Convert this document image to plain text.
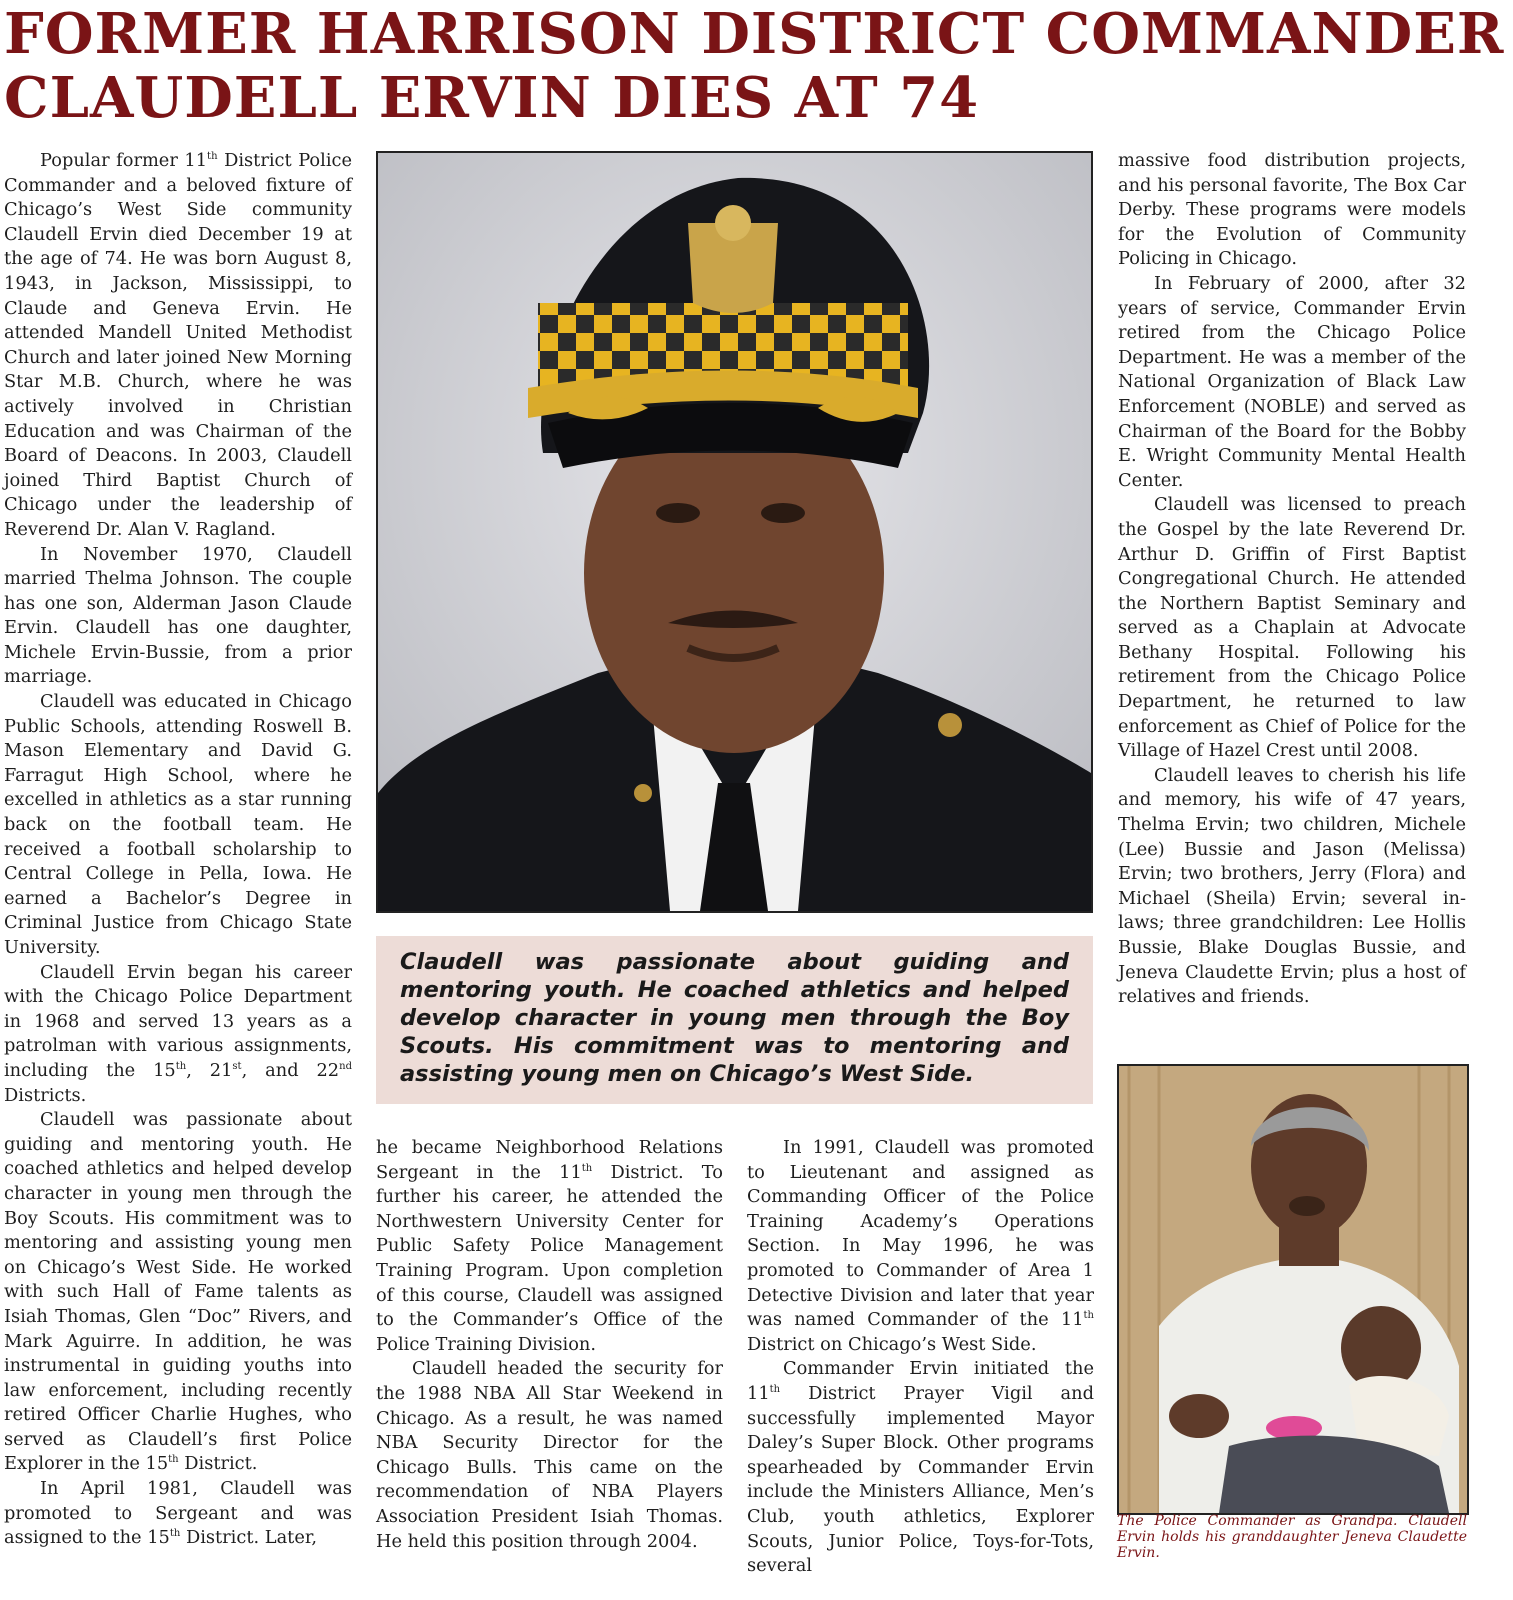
FORMER HARRISON DISTRICT COMMANDER
CLAUDELL ERVIN DIES AT 74

Popular former 11th District Police Commander and a beloved fixture of Chicago’s West Side community Claudell Ervin died December 19 at the age of 74. He was born August 8, 1943, in Jackson, Mississippi, to Claude and Geneva Ervin. He attended Mandell United Methodist Church and later joined New Morning Star M.B. Church, where he was actively involved in Christian Education and was Chairman of the Board of Deacons. In 2003, Claudell joined Third Baptist Church of Chicago under the leadership of Reverend Dr. Alan V. Ragland.

In November 1970, Claudell married Thelma Johnson. The couple has one son, Alderman Jason Claude Ervin. Claudell has one daughter, Michele Ervin-Bussie, from a prior marriage.

Claudell was educated in Chicago Public Schools, attending Roswell B. Mason Elementary and David G. Farragut High School, where he excelled in athletics as a star running back on the football team. He received a football scholarship to Central College in Pella, Iowa. He earned a Bachelor’s Degree in Criminal Justice from Chicago State University.

Claudell Ervin began his career with the Chicago Police Department in 1968 and served 13 years as a patrolman with various assignments, including the 15th, 21st, and 22nd Districts.

Claudell was passionate about guiding and mentoring youth. He coached athletics and helped develop character in young men through the Boy Scouts. His commitment was to mentoring and assisting young men on Chicago’s West Side. He worked with such Hall of Fame talents as Isiah Thomas, Glen “Doc” Rivers, and Mark Aguirre. In addition, he was instrumental in guiding youths into law enforcement, including recently retired Officer Charlie Hughes, who served as Claudell’s first Police Explorer in the 15th District.

In April 1981, Claudell was promoted to Sergeant and was assigned to the 15th District. Later,

Claudell was passionate about guiding and mentoring youth. He coached athletics and helped develop character in young men through the Boy Scouts. His commitment was to mentoring and assisting young men on Chicago’s West Side.

he became Neighborhood Relations Sergeant in the 11th District. To further his career, he attended the Northwestern University Center for Public Safety Police Management Training Program. Upon completion of this course, Claudell was assigned to the Commander’s Office of the Police Training Division.

Claudell headed the security for the 1988 NBA All Star Weekend in Chicago. As a result, he was named NBA Security Director for the Chicago Bulls. This came on the recommendation of NBA Players Association President Isiah Thomas. He held this position through 2004.

In 1991, Claudell was promoted to Lieutenant and assigned as Commanding Officer of the Police Training Academy’s Operations Section. In May 1996, he was promoted to Commander of Area 1 Detective Division and later that year was named Commander of the 11th District on Chicago’s West Side.

Commander Ervin initiated the 11th District Prayer Vigil and successfully implemented Mayor Daley’s Super Block. Other programs spearheaded by Commander Ervin include the Ministers Alliance, Men’s Club, youth athletics, Explorer Scouts, Junior Police, Toys-for-Tots, several

massive food distribution projects, and his personal favorite, The Box Car Derby. These programs were models for the Evolution of Community Policing in Chicago.

In February of 2000, after 32 years of service, Commander Ervin retired from the Chicago Police Department. He was a member of the National Organization of Black Law Enforcement (NOBLE) and served as Chairman of the Board for the Bobby E. Wright Community Mental Health Center.

Claudell was licensed to preach the Gospel by the late Reverend Dr. Arthur D. Griffin of First Baptist Congregational Church. He attended the Northern Baptist Seminary and served as a Chaplain at Advocate Bethany Hospital. Following his retirement from the Chicago Police Department, he returned to law enforcement as Chief of Police for the Village of Hazel Crest until 2008.

Claudell leaves to cherish his life and memory, his wife of 47 years, Thelma Ervin; two children, Michele (Lee) Bussie and Jason (Melissa) Ervin; two brothers, Jerry (Flora) and Michael (Sheila) Ervin; several in-laws; three grandchildren: Lee Hollis Bussie, Blake Douglas Bussie, and Jeneva Claudette Ervin; plus a host of relatives and friends.

The Police Commander as Grandpa. Claudell Ervin holds his granddaughter Jeneva Claudette Ervin.
